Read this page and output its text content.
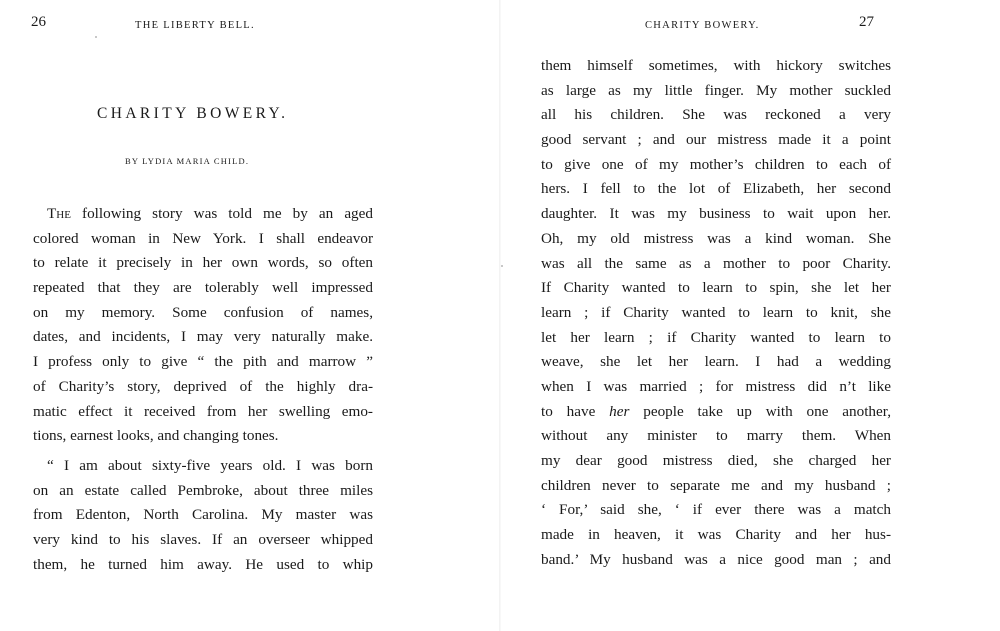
26	THE LIBERTY BELL.
CHARITY BOWERY.
BY LYDIA MARIA CHILD.
The following story was told me by an aged
colored woman in New York. I shall endeavor
to relate it precisely in her own words, so often
repeated that they are tolerably well impressed
on my memory. Some confusion of names,
dates, and incidents, I may very naturally make.
I profess only to give “ the pith and marrow ”
of Charity’s story, deprived of the highly dra-
matic effect it received from her swelling emo-
tions, earnest looks, and changing tones.
“ I am about sixty-five years old. I was born
on an estate called Pembroke, about three miles
from Edenton, North Carolina. My master was
very kind to his slaves. If an overseer whipped
them, he turned him away. He used to whip
CHARITY BOWERY.	27
them himself sometimes, with hickory switches
as large as my little finger. My mother suckled
all his children. She was reckoned a very
good servant ; and our mistress made it a point
to give one of my mother’s children to each of
hers. I fell to the lot of Elizabeth, her second
daughter. It was my business to wait upon her.
Oh, my old mistress was a kind woman. She
was all the same as a mother to poor Charity.
If Charity wanted to learn to spin, she let her
learn ; if Charity wanted to learn to knit, she
let her learn ; if Charity wanted to learn to
weave, she let her learn. I had a wedding
when I was married ; for mistress did n’t like
to have her people take up with one another,
without any minister to marry them. When
my dear good mistress died, she charged her
children never to separate me and my husband ;
‘ For,’ said she, ‘ if ever there was a match
made in heaven, it was Charity and her hus-
band.’ My husband was a nice good man ; and
